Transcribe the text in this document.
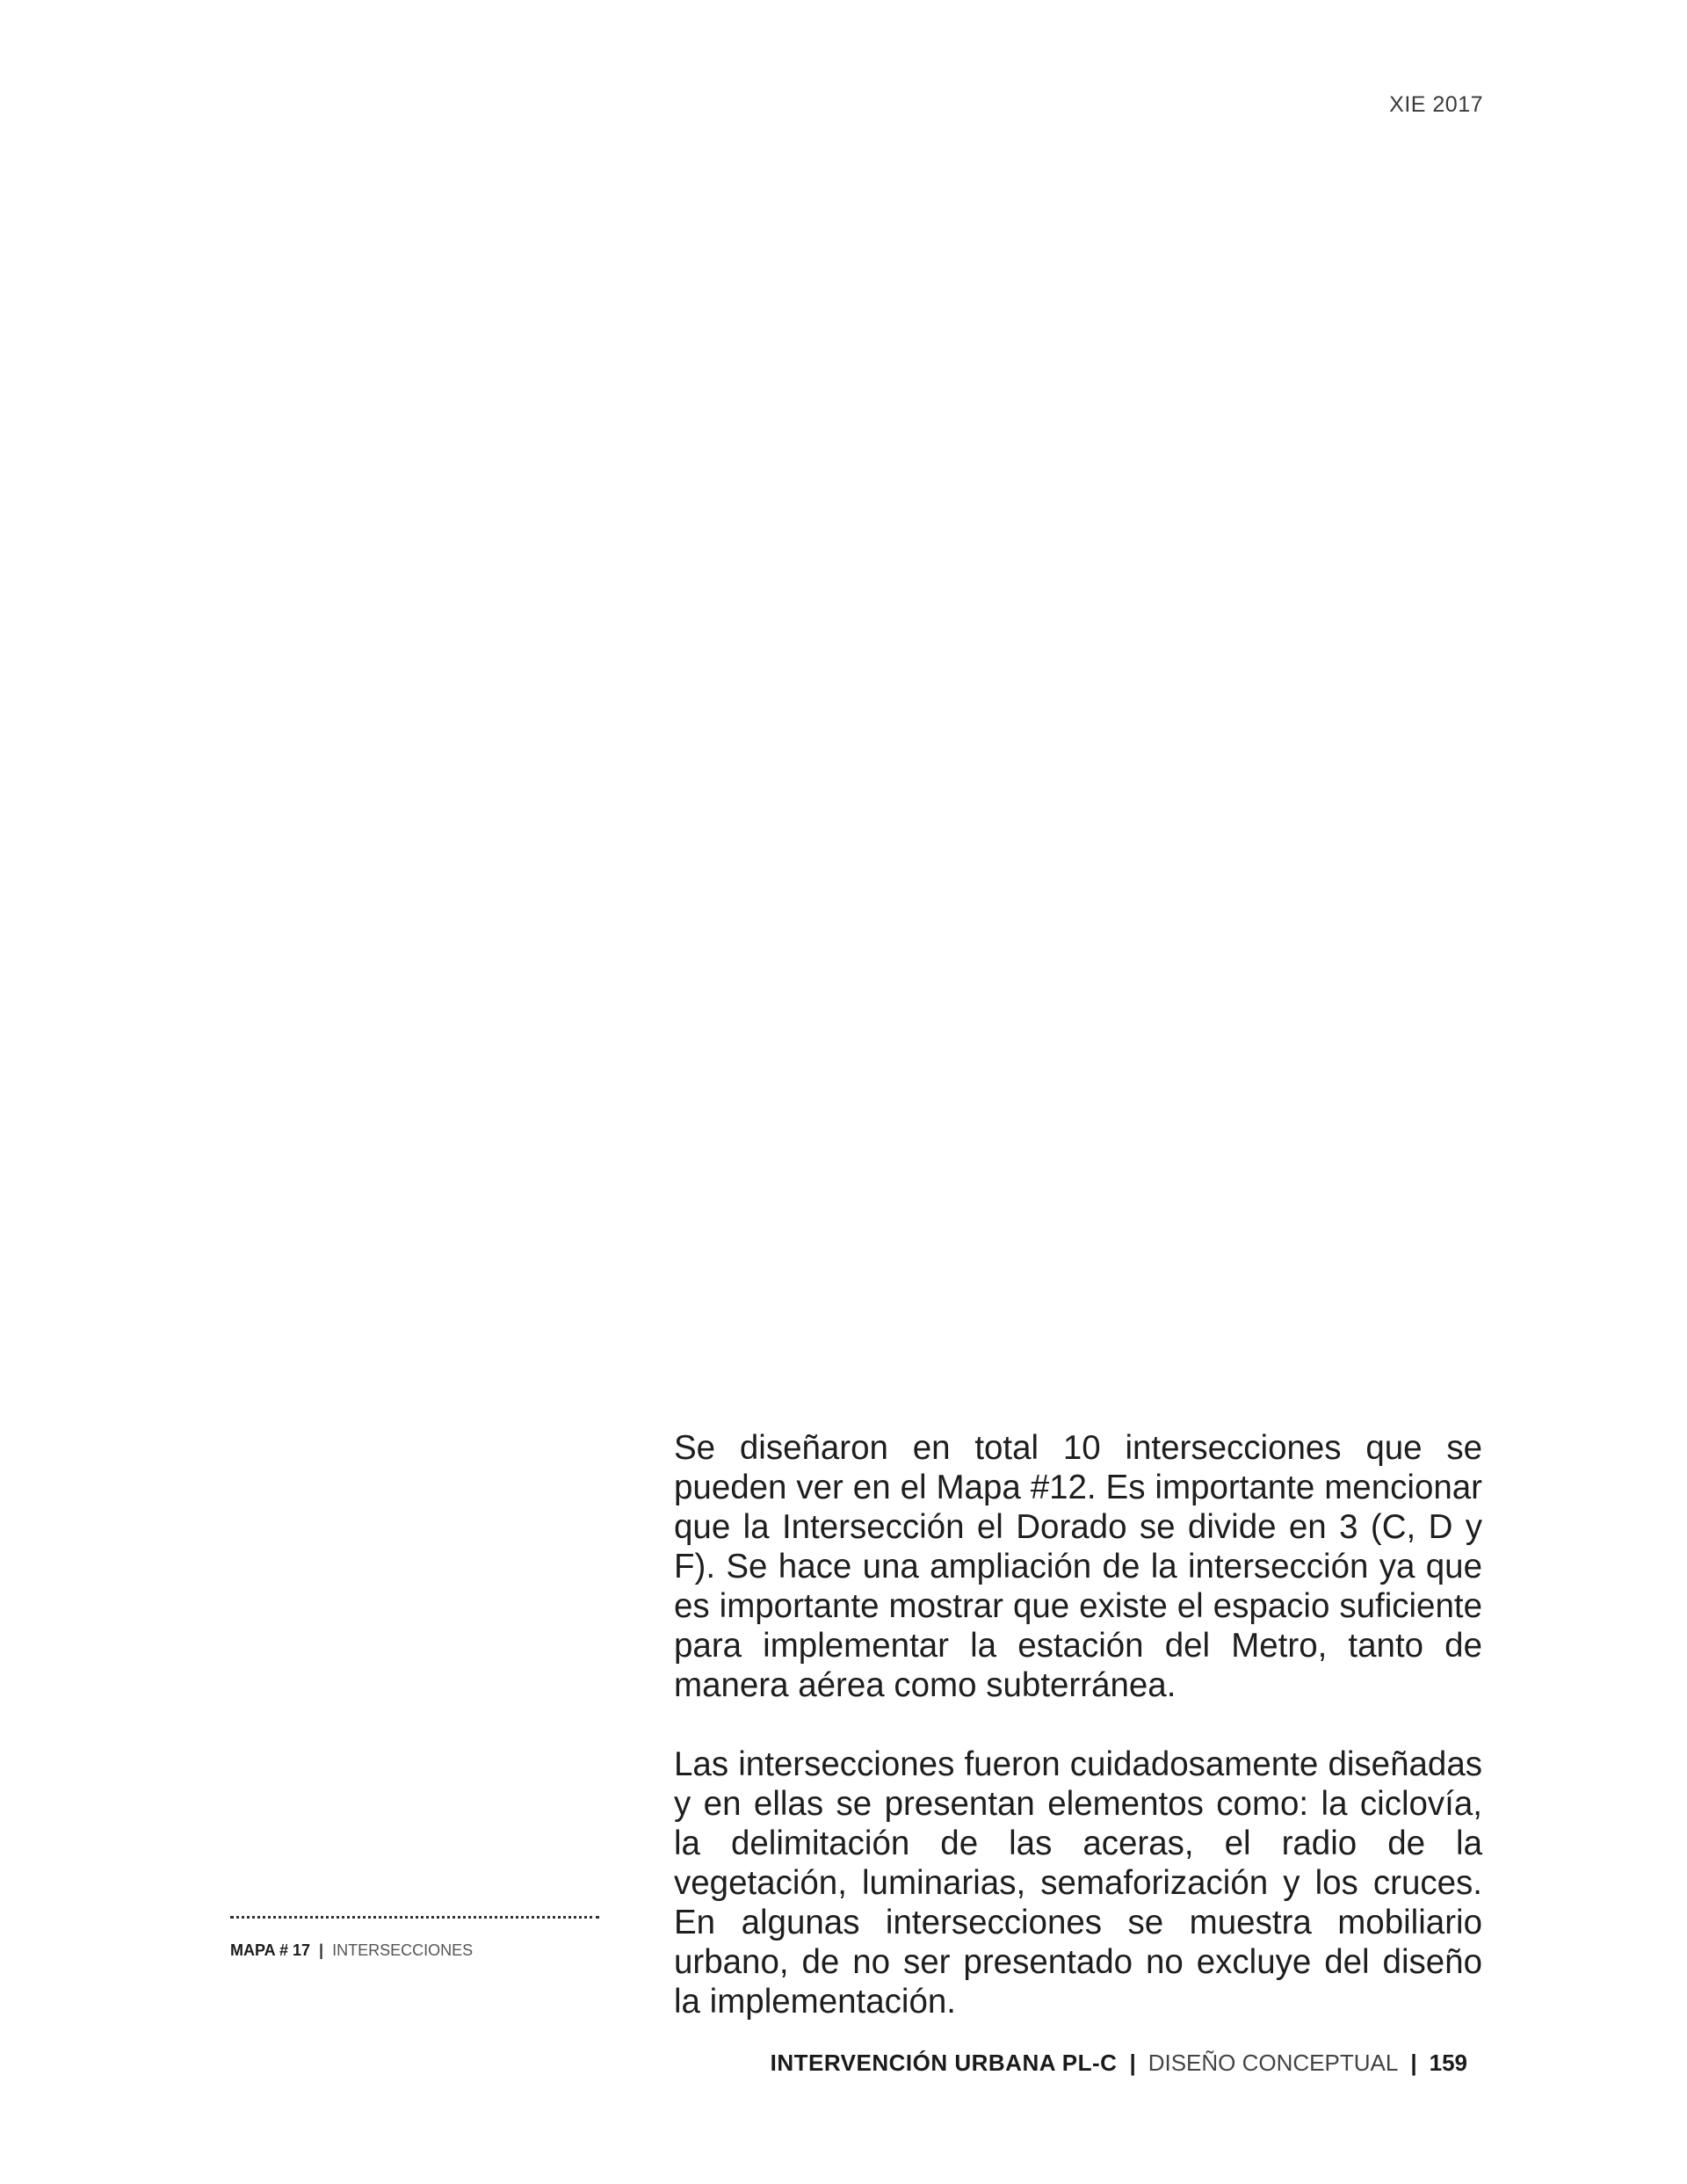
XIE 2017

Se diseñaron en total 10 intersecciones que se pueden ver en el Mapa #12. Es importante mencionar que la Intersección el Dorado se divide en 3 (C, D y F). Se hace una ampliación de la intersección ya que es importante mostrar que existe el espacio suficiente para implementar la estación del Metro, tanto de manera aérea como subterránea.

Las intersecciones fueron cuidadosamente diseñadas y en ellas se presentan elementos como: la ciclovía, la delimitación de las aceras, el radio de la vegetación, luminarias, semaforización y los cruces. En algunas intersecciones se muestra mobiliario urbano, de no ser presentado no excluye del diseño la implementación.

MAPA # 17 | INTERSECCIONES
INTERVENCIÓN URBANA PL-C | DISEÑO CONCEPTUAL | 159
